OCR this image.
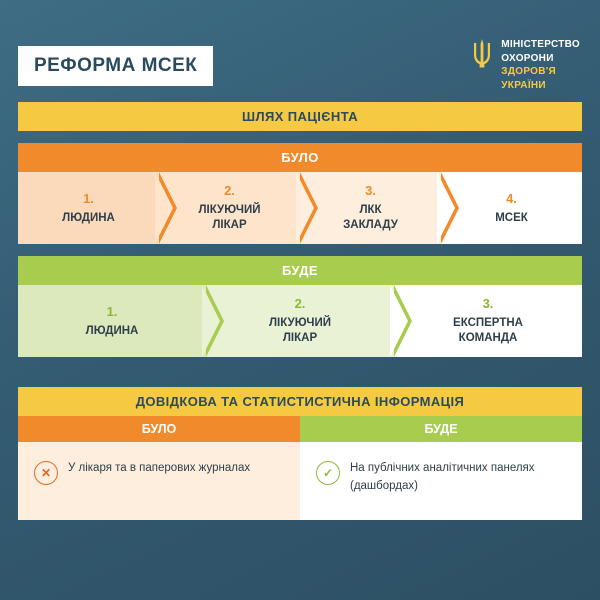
РЕФОРМА МСЕК
МІНІСТЕРСТВО
ОХОРОНИ
ЗДОРОВ'Я
УКРАЇНИ
ШЛЯХ ПАЦІЄНТА
БУЛО
1.
ЛЮДИНА
2.
ЛІКУЮЧИЙ
ЛІКАР
3.
ЛКК
ЗАКЛАДУ
4.
МСЕК
БУДЕ
1.
ЛЮДИНА
2.
ЛІКУЮЧИЙ
ЛІКАР
3.
ЕКСПЕРТНА
КОМАНДА
ДОВІДКОВА ТА СТАТИСТИСТИЧНА ІНФОРМАЦІЯ
БУЛО	БУДЕ
✕	У лікаря та в паперових журналах	✓	На публічних аналітичних панелях (дашбордах)
